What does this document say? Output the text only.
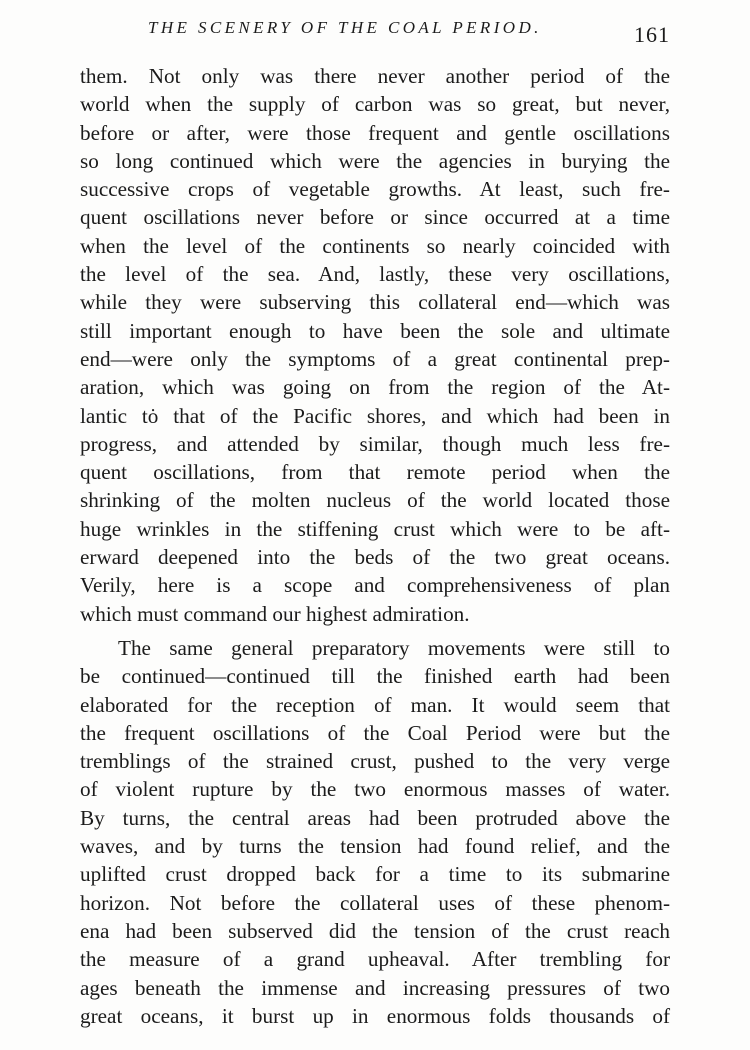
THE SCENERY OF THE COAL PERIOD.	161
them. Not only was there never another period of the
world when the supply of carbon was so great, but never,
before or after, were those frequent and gentle oscillations
so long continued which were the agencies in burying the
successive crops of vegetable growths. At least, such fre-
quent oscillations never before or since occurred at a time
when the level of the continents so nearly coincided with
the level of the sea. And, lastly, these very oscillations,
while they were subserving this collateral end—which was
still important enough to have been the sole and ultimate
end—were only the symptoms of a great continental prep-
aration, which was going on from the region of the At-
lantic tȯ that of the Pacific shores, and which had been in
progress, and attended by similar, though much less fre-
quent oscillations, from that remote period when the
shrinking of the molten nucleus of the world located those
huge wrinkles in the stiffening crust which were to be aft-
erward deepened into the beds of the two great oceans.
Verily, here is a scope and comprehensiveness of plan
which must command our highest admiration.
The same general preparatory movements were still to
be continued—continued till the finished earth had been
elaborated for the reception of man. It would seem that
the frequent oscillations of the Coal Period were but the
tremblings of the strained crust, pushed to the very verge
of violent rupture by the two enormous masses of water.
By turns, the central areas had been protruded above the
waves, and by turns the tension had found relief, and the
uplifted crust dropped back for a time to its submarine
horizon. Not before the collateral uses of these phenom-
ena had been subserved did the tension of the crust reach
the measure of a grand upheaval. After trembling for
ages beneath the immense and increasing pressures of two
great oceans, it burst up in enormous folds thousands of
